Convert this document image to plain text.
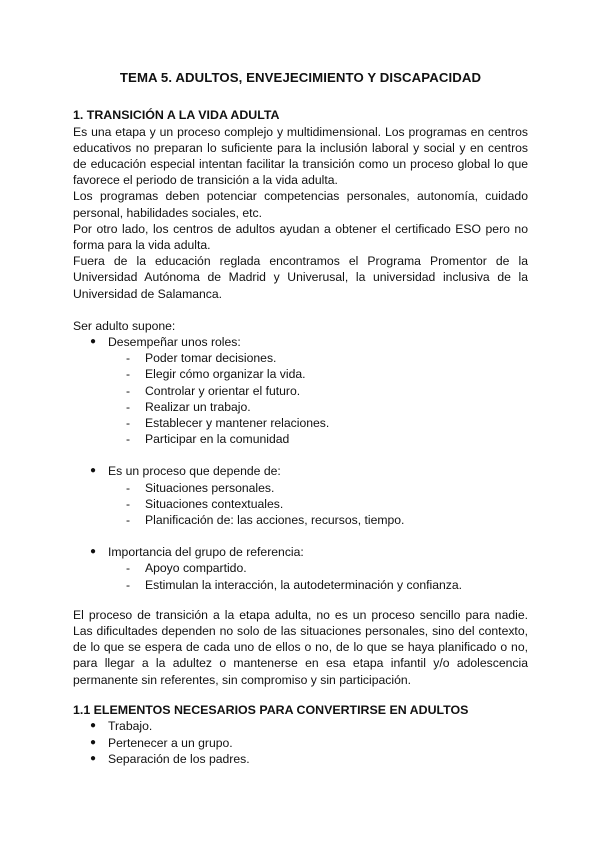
TEMA 5. ADULTOS, ENVEJECIMIENTO Y DISCAPACIDAD

1. TRANSICIÓN A LA VIDA ADULTA

Es una etapa y un proceso complejo y multidimensional. Los programas en centros educativos no preparan lo suficiente para la inclusión laboral y social y en centros de educación especial intentan facilitar la transición como un proceso global lo que favorece el periodo de transición a la vida adulta.

Los programas deben potenciar competencias personales, autonomía, cuidado personal, habilidades sociales, etc.

Por otro lado, los centros de adultos ayudan a obtener el certificado ESO pero no forma para la vida adulta.

Fuera de la educación reglada encontramos el Programa Promentor de la Universidad Autónoma de Madrid y Univerusal, la universidad inclusiva de la Universidad de Salamanca.

Ser adulto supone:

● Desempeñar unos roles:

- Poder tomar decisiones.
- Elegir cómo organizar la vida.
- Controlar y orientar el futuro.
- Realizar un trabajo.
- Establecer y mantener relaciones.
- Participar en la comunidad

● Es un proceso que depende de:

- Situaciones personales.
- Situaciones contextuales.
- Planificación de: las acciones, recursos, tiempo.

● Importancia del grupo de referencia:

- Apoyo compartido.
- Estimulan la interacción, la autodeterminación y confianza.

El proceso de transición a la etapa adulta, no es un proceso sencillo para nadie. Las dificultades dependen no solo de las situaciones personales, sino del contexto, de lo que se espera de cada uno de ellos o no, de lo que se haya planificado o no, para llegar a la adultez o mantenerse en esa etapa infantil y/o adolescencia permanente sin referentes, sin compromiso y sin participación.

1.1 ELEMENTOS NECESARIOS PARA CONVERTIRSE EN ADULTOS

● Trabajo.

● Pertenecer a un grupo.

● Separación de los padres.
